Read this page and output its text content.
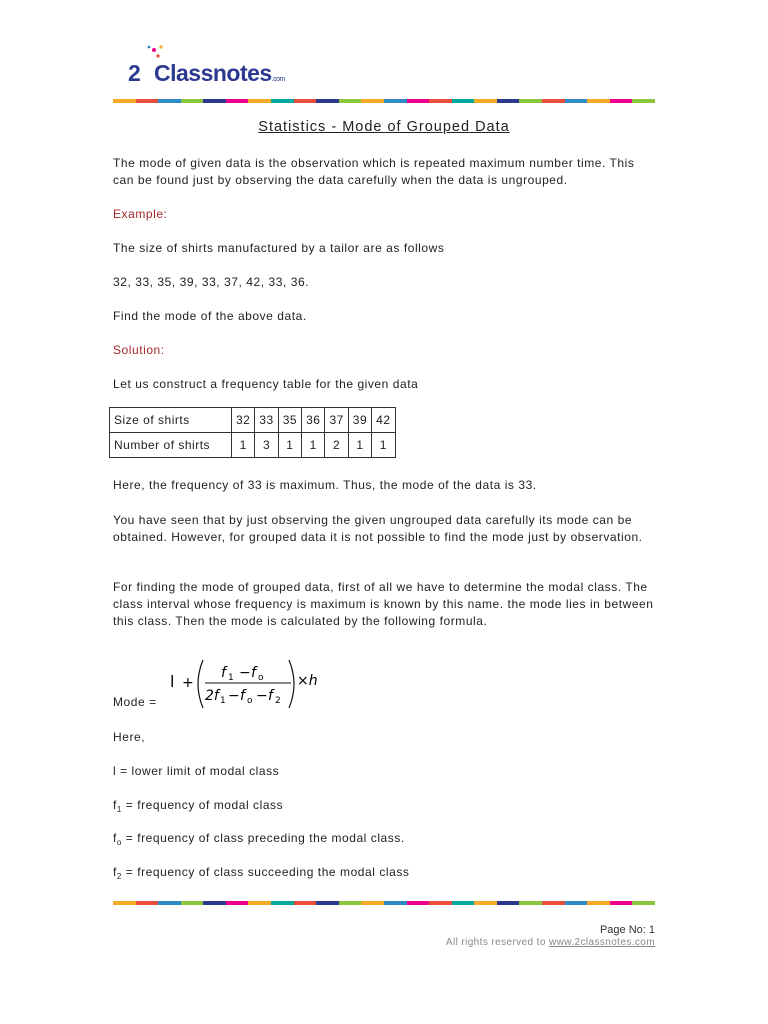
2 Classnotes.com
Statistics - Mode of Grouped Data

The mode of given data is the observation which is repeated maximum number time. This can be found just by observing the data carefully when the data is ungrouped.

Example:

The size of shirts manufactured by a tailor are as follows

32, 33, 35, 39, 33, 37, 42, 33, 36.

Find the mode of the above data.

Solution:

Let us construct a frequency table for the given data

Size of shirts	32	33	35	36	37	39	42
Number of shirts	1	3	1	1	2	1	1

Here, the frequency of 33 is maximum. Thus, the mode of the data is 33.

You have seen that by just observing the given ungrouped data carefully its mode can be obtained. However, for grouped data it is not possible to find the mode just by observation.

For finding the mode of grouped data, first of all we have to determine the modal class. The class interval whose frequency is maximum is known by this name. the mode lies in between this class. Then the mode is calculated by the following formula.

Mode =

l +
f 1 − f o
2f 1 − f o − f 2
×h

Here,

l = lower limit of modal class

$f_1$ = frequency of modal class

$f_o$ = frequency of class preceding the modal class.

$f_2$ = frequency of class succeeding the modal class

Page No: 1
All rights reserved to www.2classnotes.com
